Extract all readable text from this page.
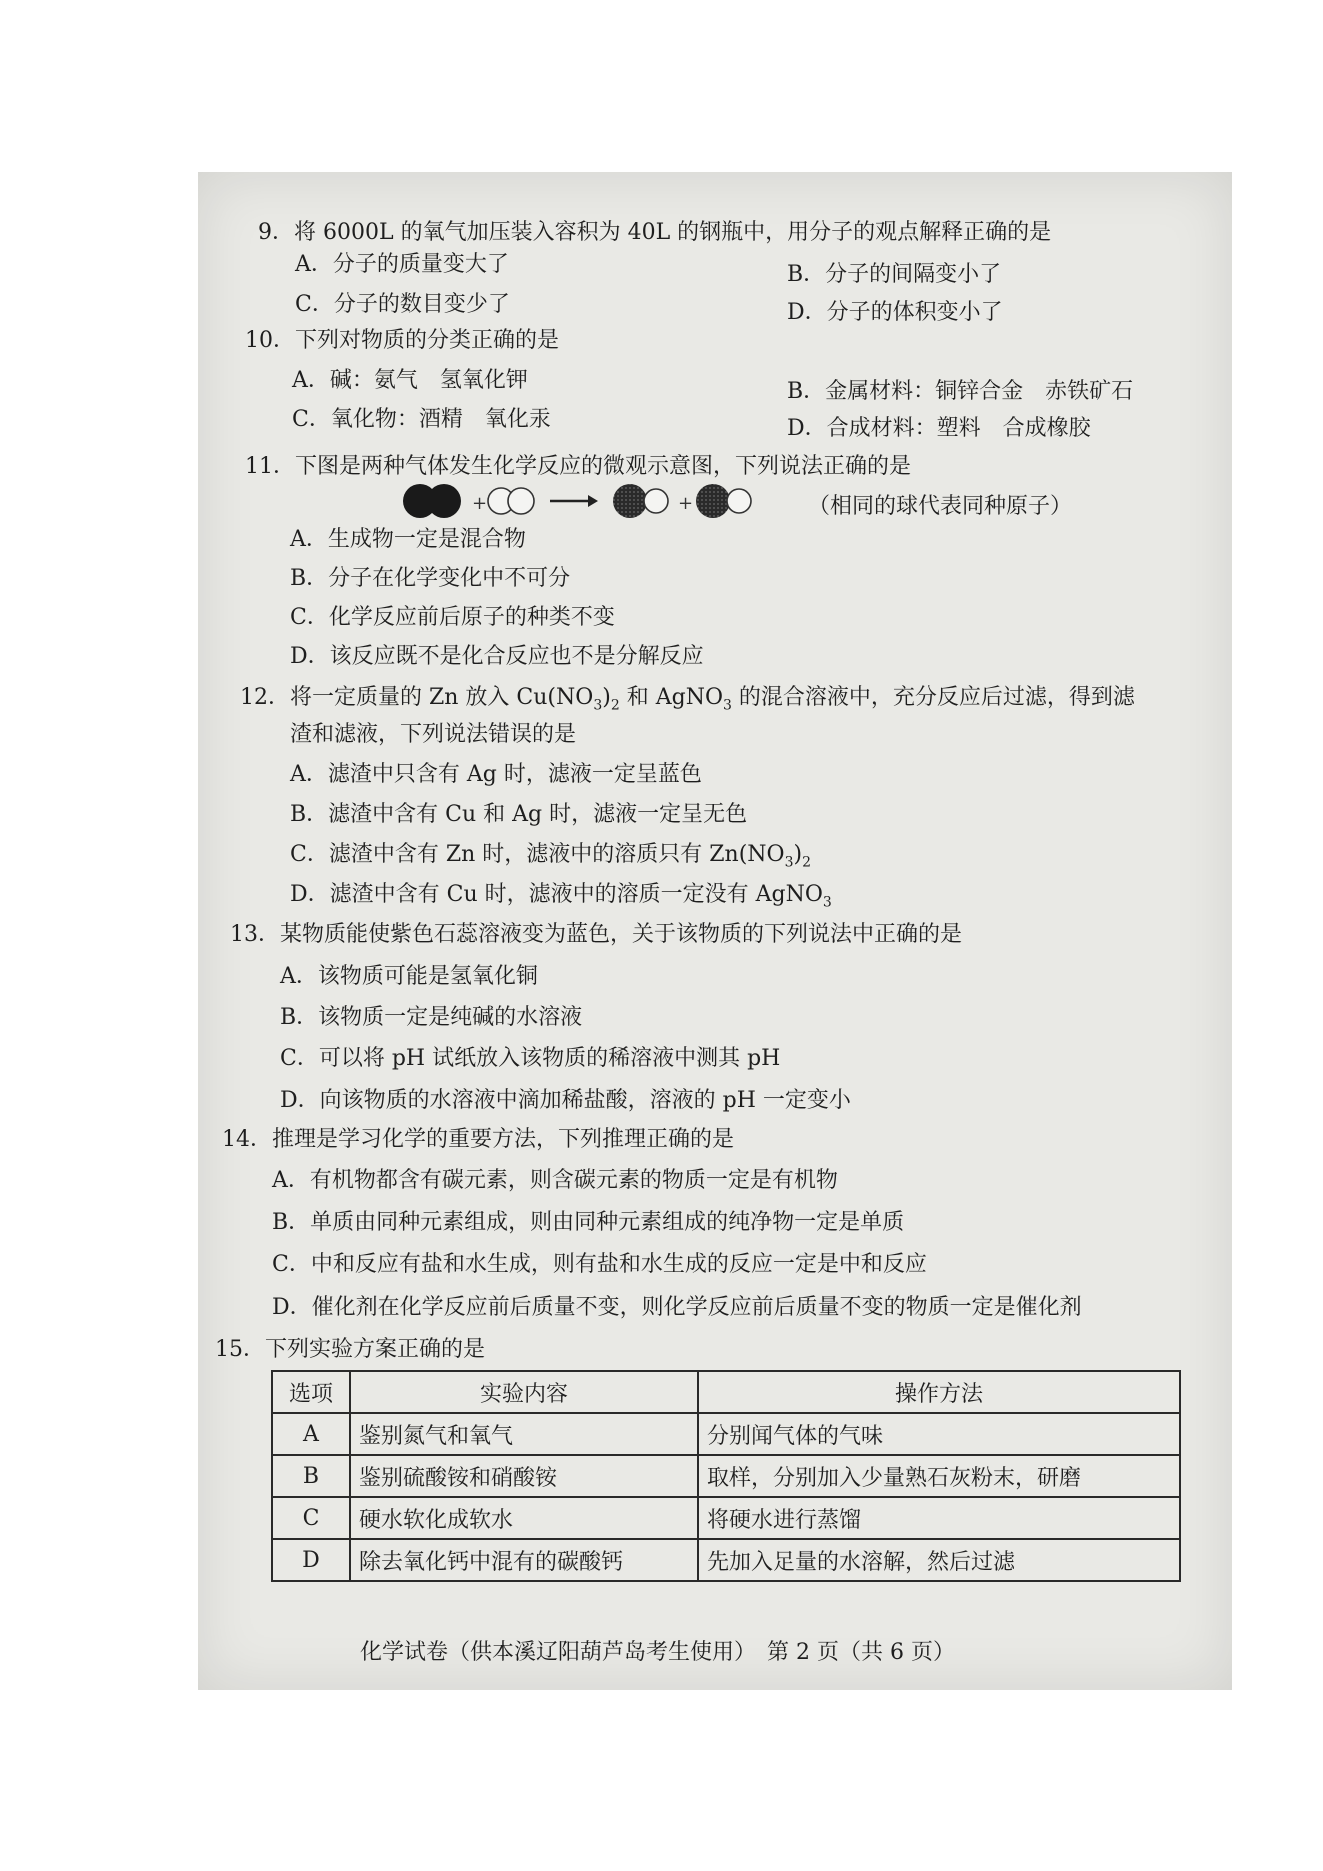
9．将 6000L 的氧气加压装入容积为 40L 的钢瓶中，用分子的观点解释正确的是
A．分子的质量变大了	B．分子的间隔变小了
C．分子的数目变少了	D．分子的体积变小了
10．下列对物质的分类正确的是
A．碱：氨气　氢氧化钾	B．金属材料：铜锌合金　赤铁矿石
C．氧化物：酒精　氧化汞	D．合成材料：塑料　合成橡胶
11．下图是两种气体发生化学反应的微观示意图，下列说法正确的是
+	+	（相同的球代表同种原子）
A．生成物一定是混合物
B．分子在化学变化中不可分
C．化学反应前后原子的种类不变
D．该反应既不是化合反应也不是分解反应
12．将一定质量的 Zn 放入 $Cu(NO_3)_2$ 和 AgNO$_3$ 的混合溶液中，充分反应后过滤，得到滤
渣和滤液，下列说法错误的是
A．滤渣中只含有 Ag 时，滤液一定呈蓝色
B．滤渣中含有 Cu 和 Ag 时，滤液一定呈无色
C．滤渣中含有 Zn 时，滤液中的溶质只有 $Zn(NO_3)_2$
D．滤渣中含有 Cu 时，滤液中的溶质一定没有 AgNO$_3$
13．某物质能使紫色石蕊溶液变为蓝色，关于该物质的下列说法中正确的是
A．该物质可能是氢氧化铜
B．该物质一定是纯碱的水溶液
C．可以将 pH 试纸放入该物质的稀溶液中测其 pH
D．向该物质的水溶液中滴加稀盐酸，溶液的 pH 一定变小
14．推理是学习化学的重要方法，下列推理正确的是
A．有机物都含有碳元素，则含碳元素的物质一定是有机物
B．单质由同种元素组成，则由同种元素组成的纯净物一定是单质
C．中和反应有盐和水生成，则有盐和水生成的反应一定是中和反应
D．催化剂在化学反应前后质量不变，则化学反应前后质量不变的物质一定是催化剂
15．下列实验方案正确的是
选项	实验内容	操作方法
A	鉴别氮气和氧气	分别闻气体的气味
B	鉴别硫酸铵和硝酸铵	取样，分别加入少量熟石灰粉末，研磨
C	硬水软化成软水	将硬水进行蒸馏
D	除去氧化钙中混有的碳酸钙	先加入足量的水溶解，然后过滤
化学试卷（供本溪辽阳葫芦岛考生使用）　第 2 页（共 6 页）
